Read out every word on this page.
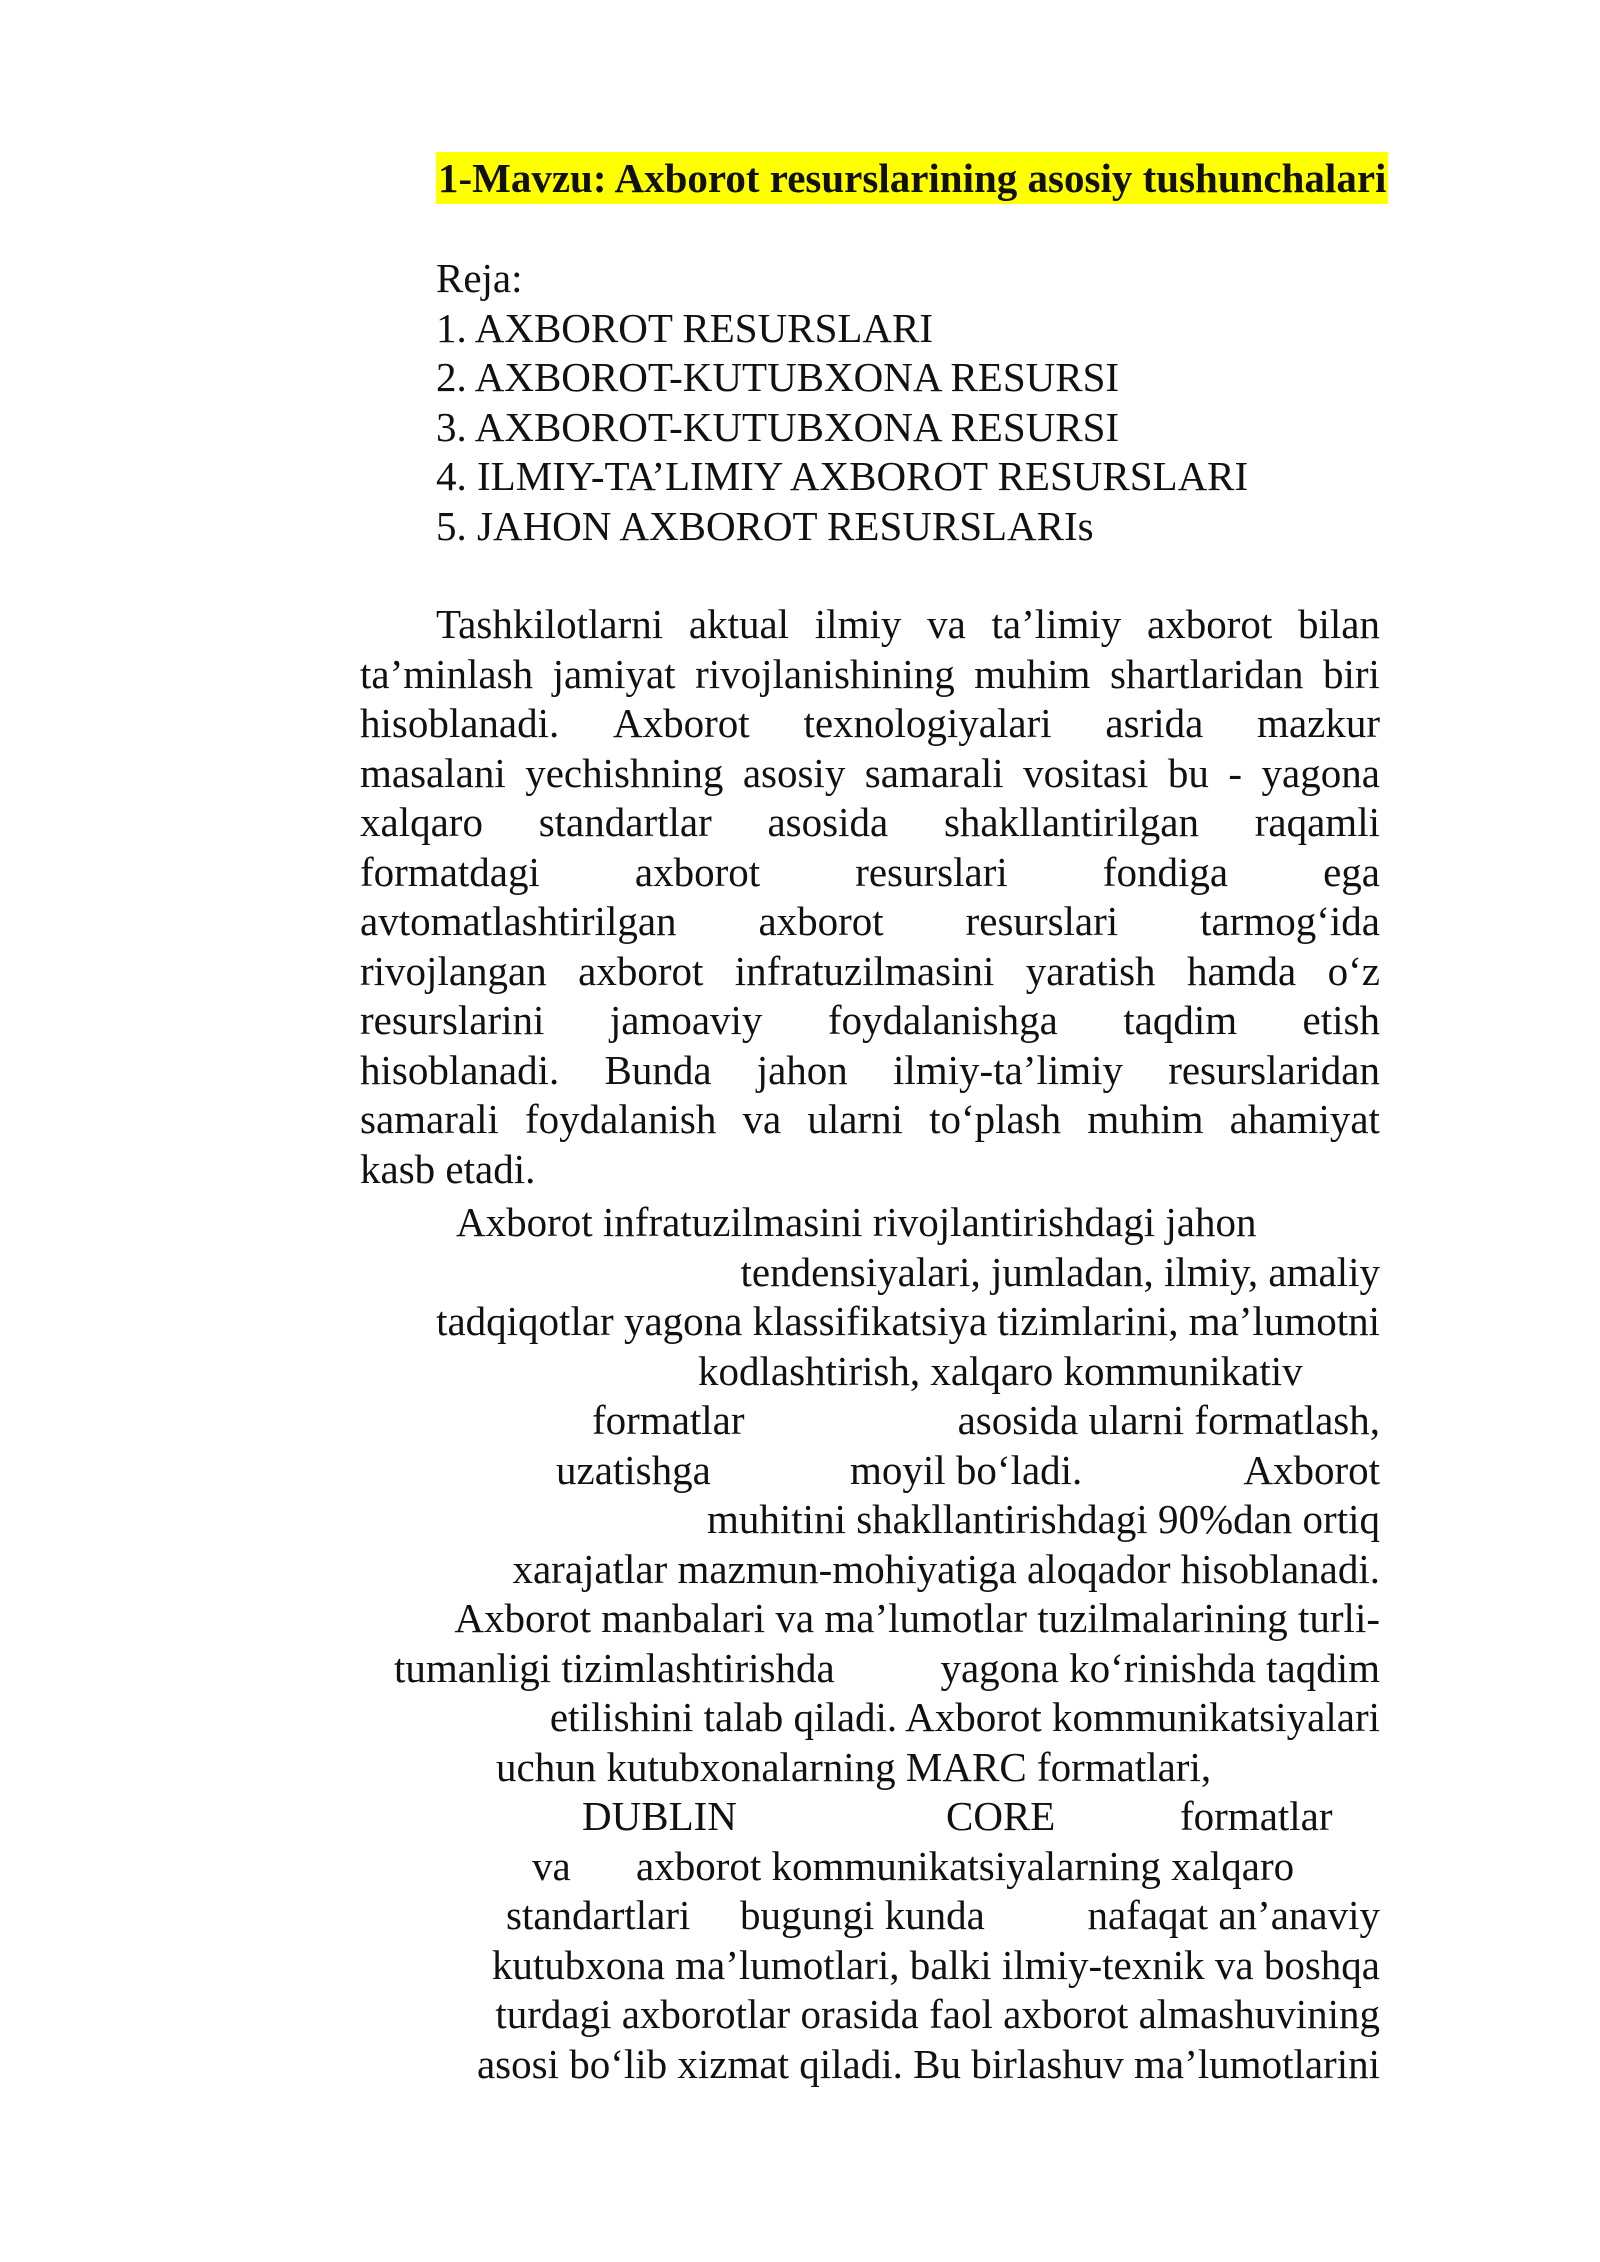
1-Mavzu: Axborot resurslarining asosiy tushunchalari
Reja:
1. AXBOROT RESURSLARI
2. AXBOROT-KUTUBXONA RESURSI
3. AXBOROT-KUTUBXONA RESURSI
4. ILMIY-TA’LIMIY AXBOROT RESURSLARI
5. JAHON AXBOROT RESURSLARIs
Tashkilotlarni aktual ilmiy va ta’limiy axborot bilan
ta’minlash jamiyat rivojlanishining muhim shartlaridan biri
hisoblanadi. Axborot texnologiyalari asrida mazkur
masalani yechishning asosiy samarali vositasi bu - yagona
xalqaro standartlar asosida shakllantirilgan raqamli
formatdagi axborot resurslari fondiga ega
avtomatlashtirilgan axborot resurslari tarmog‘ida
rivojlangan axborot infratuzilmasini yaratish hamda o‘z
resurslarini jamoaviy foydalanishga taqdim etish
hisoblanadi. Bunda jahon ilmiy-ta’limiy resurslaridan
samarali foydalanish va ularni to‘plash muhim ahamiyat
kasb etadi.
Axborot infratuzilmasini rivojlantirishdagi jahon
tendensiyalari, jumladan, ilmiy, amaliy
tadqiqotlar yagona klassifikatsiya tizimlarini, ma’lumotni
kodlashtirish, xalqaro kommunikativ
formatlar	asosida ularni formatlash,
uzatishga	moyil bo‘ladi.	Axborot
muhitini shakllantirishdagi 90%dan ortiq
xarajatlar mazmun-mohiyatiga aloqador hisoblanadi.
Axborot manbalari va ma’lumotlar tuzilmalarining turli-
tumanligi tizimlashtirishda	yagona ko‘rinishda taqdim
etilishini talab qiladi. Axborot kommunikatsiyalari
uchun kutubxonalarning MARC formatlari,
DUBLIN	CORE	formatlar
va axborot kommunikatsiyalarning xalqaro
standartlari bugungi kunda	nafaqat an’anaviy
kutubxona ma’lumotlari, balki ilmiy-texnik va boshqa
turdagi axborotlar orasida faol axborot almashuvining
asosi bo‘lib xizmat qiladi. Bu birlashuv ma’lumotlarini
